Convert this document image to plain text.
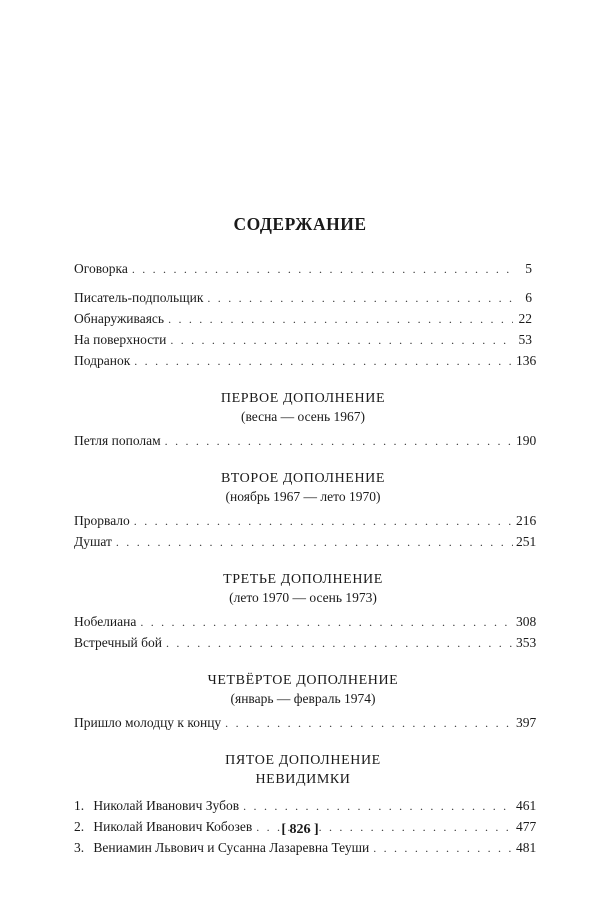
СОДЕРЖАНИЕ
Оговорка . . .	5
Писатель-подпольщик . . .	6
Обнаруживаясь . . .	22
На поверхности . . .	53
Подранок . . .	136
ПЕРВОЕ ДОПОЛНЕНИЕ
(весна — осень 1967)
Петля пополам . . .	190
ВТОРОЕ ДОПОЛНЕНИЕ
(ноябрь 1967 — лето 1970)
Прорвало . . .	216
Душат . . .	251
ТРЕТЬЕ ДОПОЛНЕНИЕ
(лето 1970 — осень 1973)
Нобелиана . . .	308
Встречный бой . . .	353
ЧЕТВЁРТОЕ ДОПОЛНЕНИЕ
(январь — февраль 1974)
Пришло молодцу к концу . . .	397
ПЯТОЕ ДОПОЛНЕНИЕ
НЕВИДИМКИ
1. Николай Иванович Зубов . . .	461
2. Николай Иванович Кобозев . . .	477
3. Вениамин Львович и Сусанна Лазаревна Теуши . . .	481
[ 826 ]
